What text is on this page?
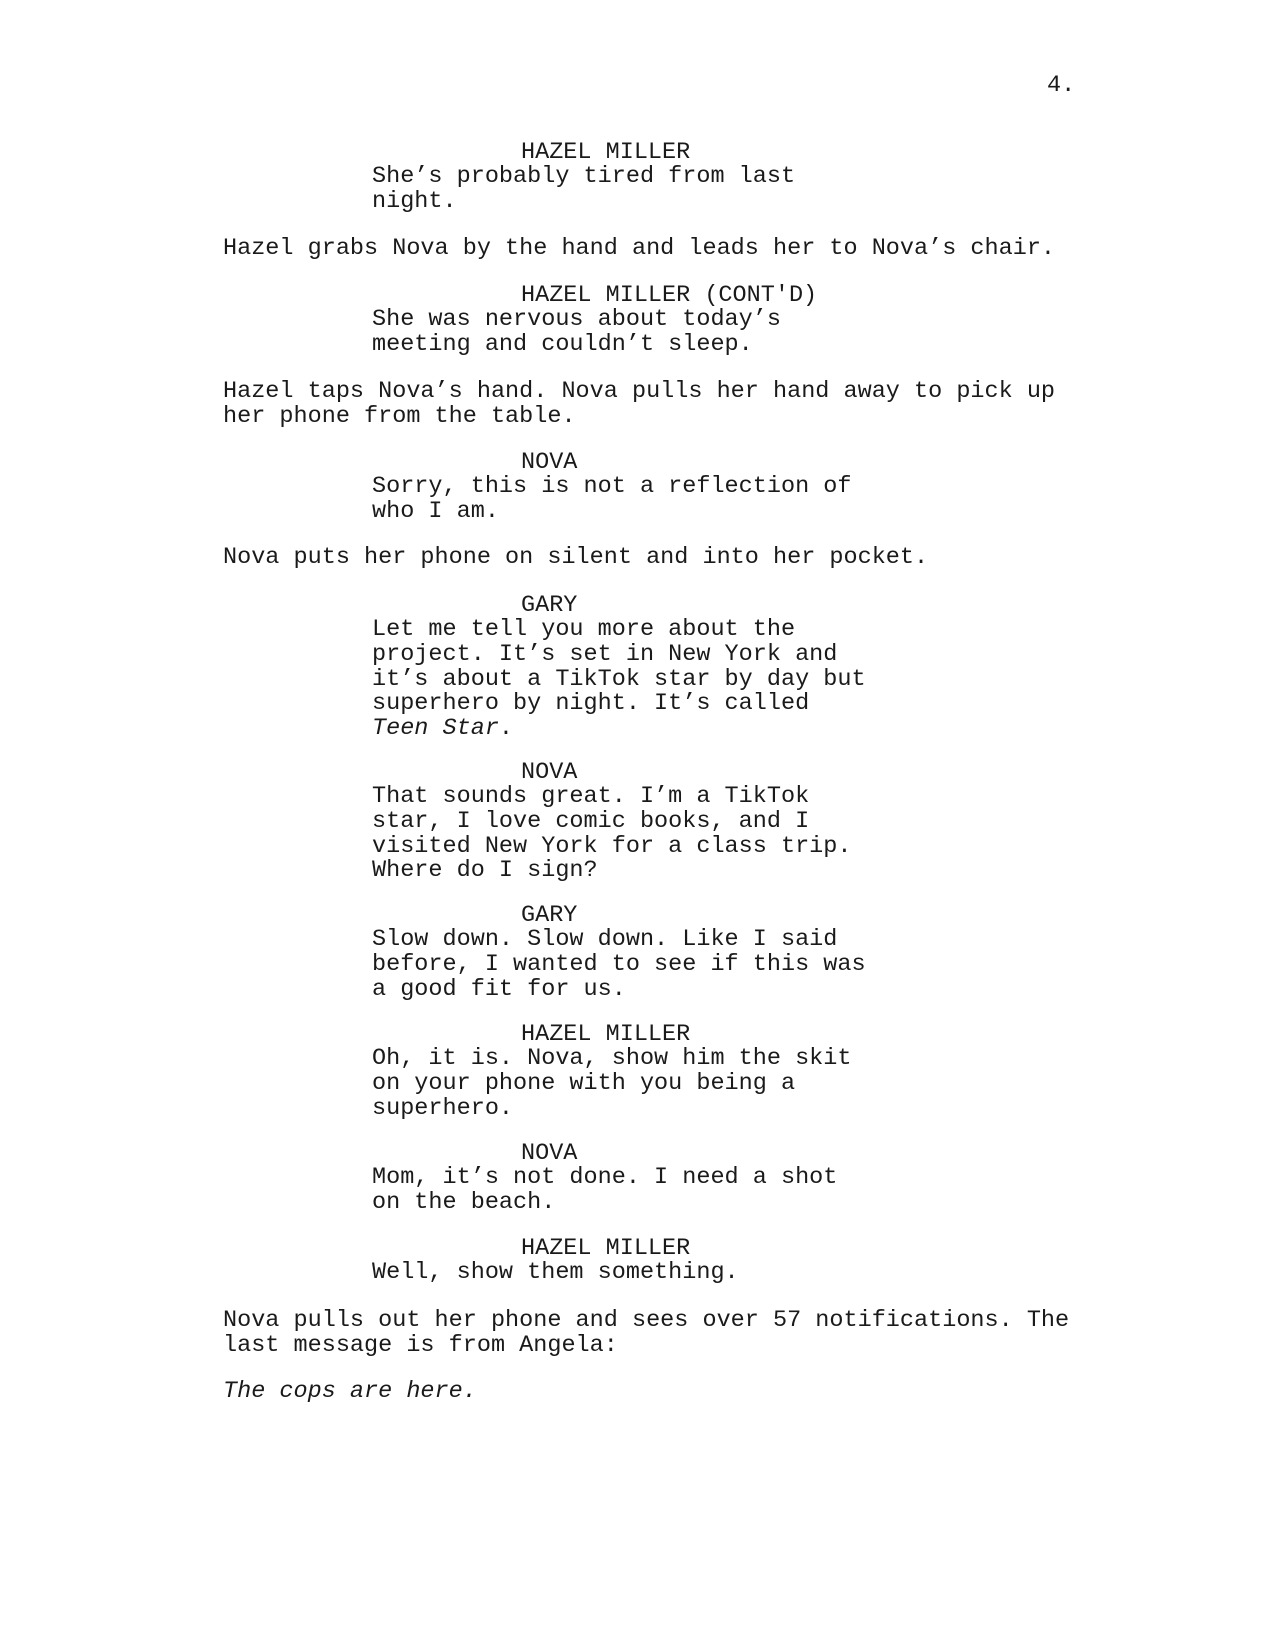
4.

HAZEL MILLER

She’s probably tired from last
night.

Hazel grabs Nova by the hand and leads her to Nova’s chair.

HAZEL MILLER (CONT'D)

She was nervous about today’s
meeting and couldn’t sleep.

Hazel taps Nova’s hand. Nova pulls her hand away to pick up
her phone from the table.

NOVA

Sorry, this is not a reflection of
who I am.

Nova puts her phone on silent and into her pocket.

GARY

Let me tell you more about the
project. It’s set in New York and
it’s about a TikTok star by day but
superhero by night. It’s called
Teen Star.

NOVA

That sounds great. I’m a TikTok
star, I love comic books, and I
visited New York for a class trip.
Where do I sign?

GARY

Slow down. Slow down. Like I said
before, I wanted to see if this was
a good fit for us.

HAZEL MILLER

Oh, it is. Nova, show him the skit
on your phone with you being a
superhero.

NOVA

Mom, it’s not done. I need a shot
on the beach.

HAZEL MILLER

Well, show them something.

Nova pulls out her phone and sees over 57 notifications. The
last message is from Angela:

The cops are here.
